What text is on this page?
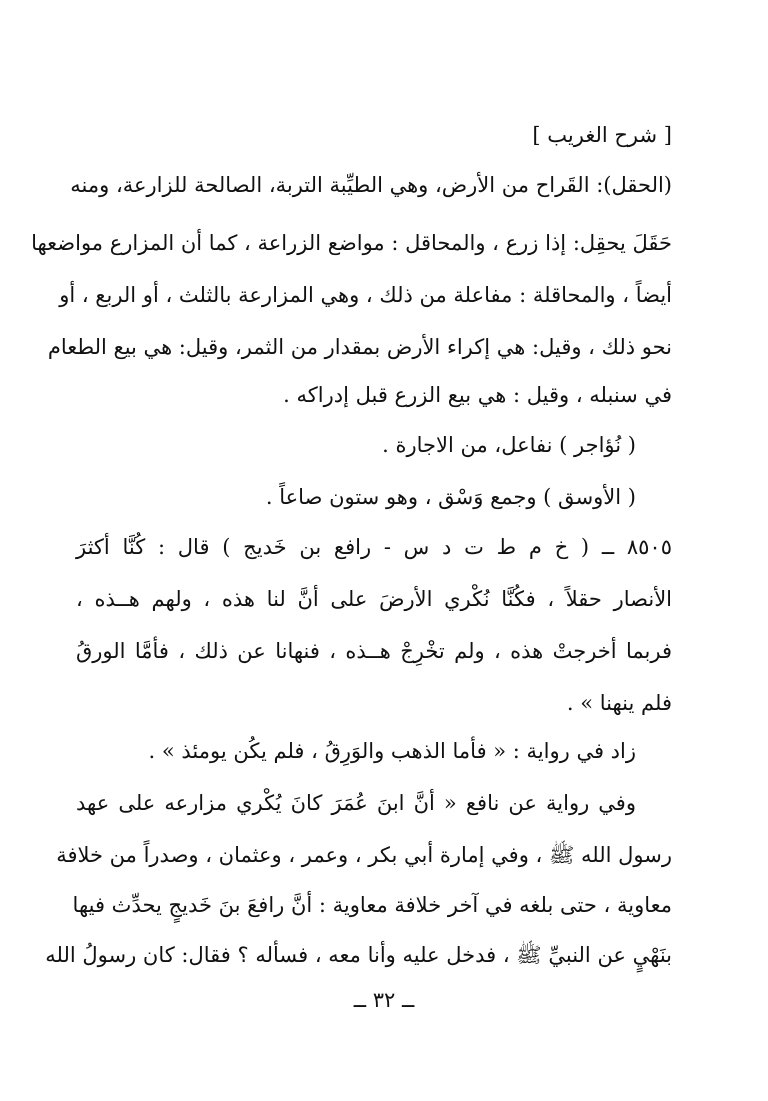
[ شرح الغريب ]
(الحقل): القَراح من الأرض، وهي الطيِّبة التربة، الصالحة للزارعة، ومنه
حَقَلَ يحقِل: إذا زرع ، والمحاقل : مواضع الزراعة ، كما أن المزارع مواضعها
أيضاً ، والمحاقلة : مفاعلة من ذلك ، وهي المزارعة بالثلث ، أو الربع ، أو
نحو ذلك ، وقيل: هي إكراء الأرض بمقدار من الثمر، وقيل: هي بيع الطعام
في سنبله ، وقيل : هي بيع الزرع قبل إدراكه .
( نُؤاجر ) نفاعل، من الاجارة .
( الأوسق ) وجمع وَسْق ، وهو ستون صاعاً .
٨٥٠٥ ــ ( خ م ط ت د س - رافع بن خَديج ) قال : كُنَّا أكثرَ
الأنصار حقلاً ، فكُنَّا نُكْري الأرضَ على أنَّ لنا هذه ، ولهم هــذه ،
فربما أخرجتْ هذه ، ولم تخْرِجْ هــذه ، فنهانا عن ذلك ، فأمَّا الورقُ
فلم ينهنا » .
زاد في رواية : « فأما الذهب والوَرِقُ ، فلم يكُن يومئذ » .
وفي رواية عن نافع « أنَّ ابنَ عُمَرَ كانَ يُكْري مزارعه على عهد
رسول الله ﷺ ، وفي إمارة أبي بكر ، وعمر ، وعثمان ، وصدراً من خلافة
معاوية ، حتى بلغه في آخر خلافة معاوية : أنَّ رافعَ بنَ خَديجٍ يحدِّث فيها
بنَهْيٍ عن النبيِّ ﷺ ، فدخل عليه وأنا معه ، فسأله ؟ فقال: كان رسولُ الله
ــ ٣٢ ــ
